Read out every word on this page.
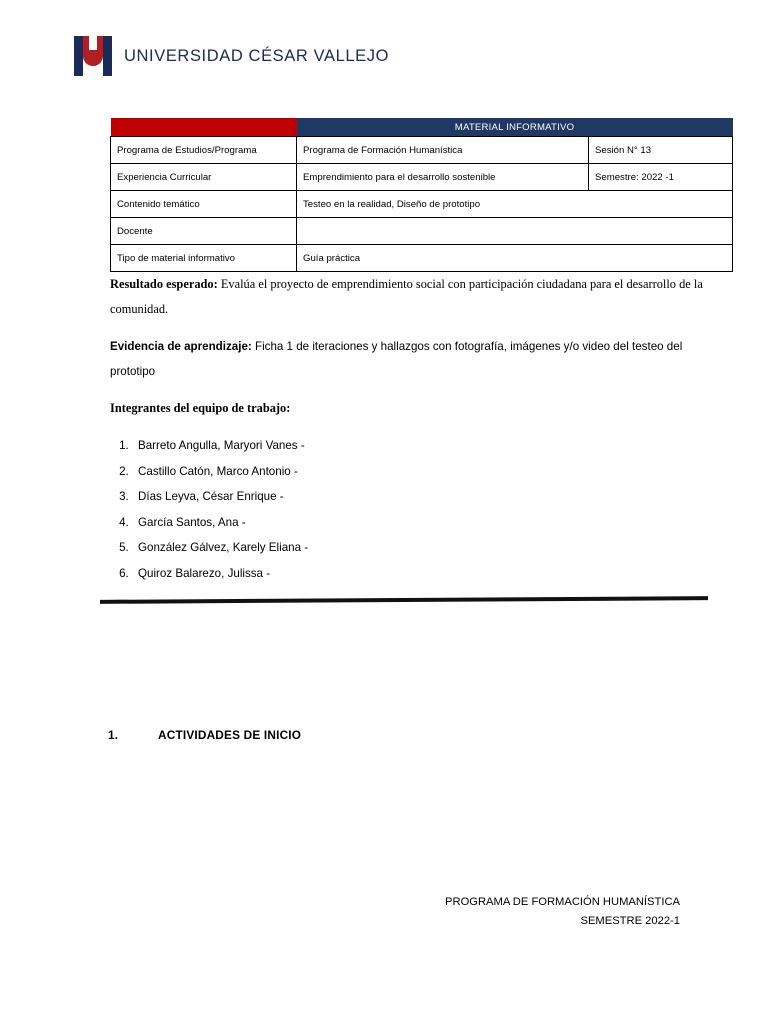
UNIVERSIDAD CÉSAR VALLEJO
	MATERIAL INFORMATIVO	
Programa de Estudios/Programa	Programa de Formación Humanística	Sesión N° 13
Experiencia Curricular	Emprendimiento para el desarrollo sostenible	Semestre: 2022 -1
Contenido temático	Testeo en la realidad, Diseño de prototipo	
Docente		
Tipo de material informativo	Guía práctica	

Resultado esperado: Evalúa el proyecto de emprendimiento social con participación ciudadana para el desarrollo de la comunidad.

Evidencia de aprendizaje: Ficha 1 de iteraciones y hallazgos con fotografía, imágenes y/o video del testeo del prototipo

Integrantes del equipo de trabajo:

1. Barreto Angulla, Maryori Vanes -
2. Castillo Catón, Marco Antonio -
3. Días Leyva, César Enrique -
4. García Santos, Ana -
5. González Gálvez, Karely Eliana -
6. Quiroz Balarezo, Julissa -
1.	ACTIVIDADES DE INICIO
PROGRAMA DE FORMACIÓN HUMANÍSTICA
SEMESTRE 2022-1
